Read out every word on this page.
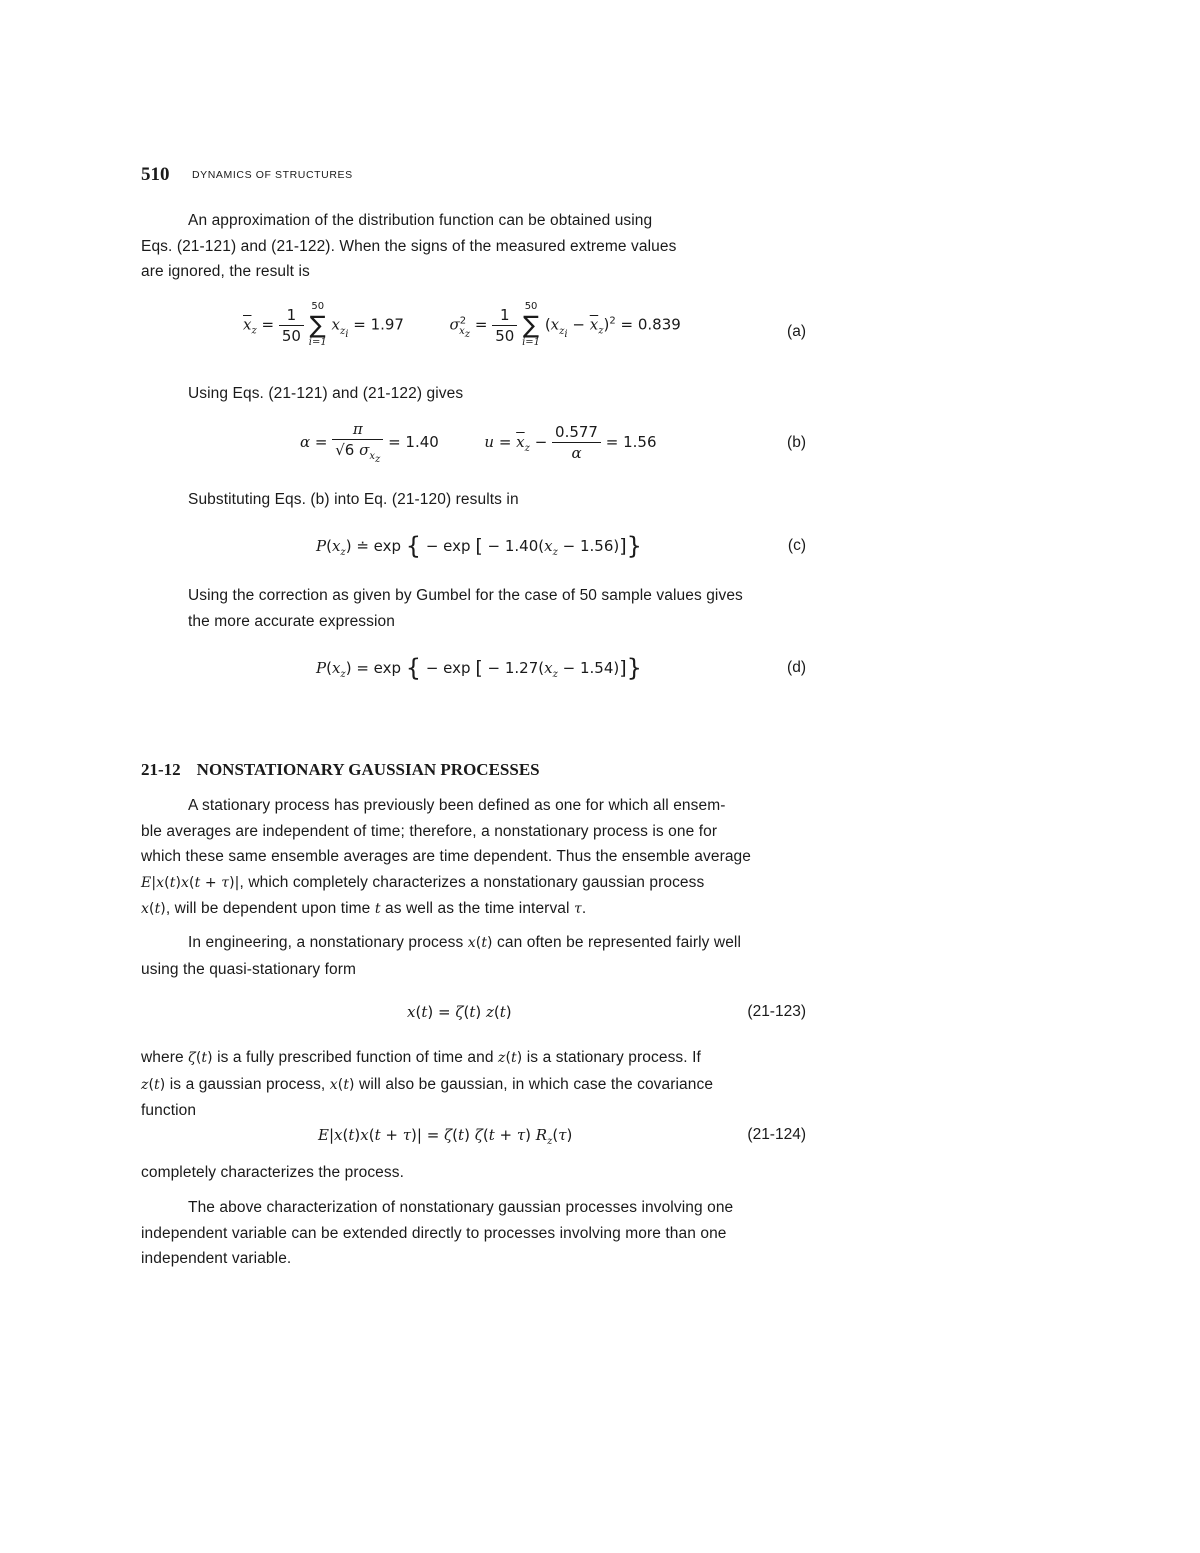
510 DYNAMICS OF STRUCTURES
An approximation of the distribution function can be obtained using
Eqs. (21-121) and (21-122). When the signs of the measured extreme values
are ignored, the result is
$\overline{x}_z = \frac{1}{50}$
50
∑
i=1
$x_{z_i} = 1.97$	$\sigma^2_{x_z} = \frac{1}{50}$
50
∑
i=1
$(x_{z_i} - \overline{x}_z)^2 = 0.839$	(a)
Using Eqs. (21-121) and (21-122) gives
$\alpha = \frac{\pi}{√6 \sigma_{x_z}} = 1.40$	$u = \overline{x}_z - \frac{0.577}{\alpha} = 1.56$	(b)
Substituting Eqs. (b) into Eq. (21-120) results in
$P(x_z)$ ≐ exp { − exp [ − $1.40(x_z - 1.56)$]}	(c)
Using the correction as given by Gumbel for the case of 50 sample values gives
the more accurate expression
$P(x_z) = \exp$ { − exp [ − $1.27(x_z - 1.54)$]}	(d)
21-12 NONSTATIONARY GAUSSIAN PROCESSES
A stationary process has previously been defined as one for which all ensem-
ble averages are independent of time; therefore, a nonstationary process is one for
which these same ensemble averages are time dependent. Thus the ensemble average
E|x(t)x(t + τ)|, which completely characterizes a nonstationary gaussian process
x(t), will be dependent upon time t as well as the time interval τ.
In engineering, a nonstationary process x(t) can often be represented fairly well
using the quasi-stationary form
x(t) = ζ(t) z(t)	(21-123)
where ζ(t) is a fully prescribed function of time and z(t) is a stationary process. If
z(t) is a gaussian process, x(t) will also be gaussian, in which case the covariance
function
E|x(t)x(t + τ)| = ζ(t) ζ(t + τ) $R_z(\tau)$	(21-124)
completely characterizes the process.
The above characterization of nonstationary gaussian processes involving one
independent variable can be extended directly to processes involving more than one
independent variable.
